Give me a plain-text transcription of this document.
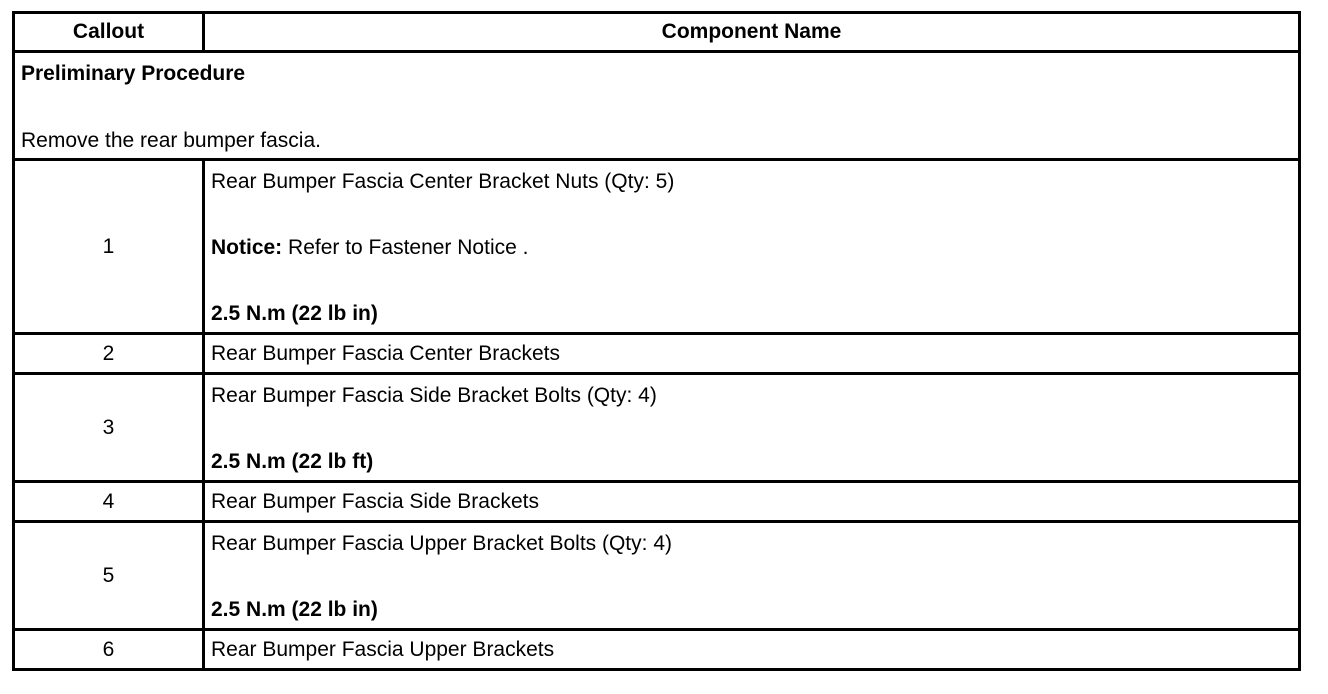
Callout	Component Name

Preliminary Procedure
Remove the rear bumper fascia.	

1	Rear Bumper Fascia Center Bracket Nuts (Qty: 5)
Notice: Refer to Fastener Notice .
2.5 N.m (22 lb in)

2	Rear Bumper Fascia Center Brackets

3	Rear Bumper Fascia Side Bracket Bolts (Qty: 4)
2.5 N.m (22 lb ft)

4	Rear Bumper Fascia Side Brackets

5	Rear Bumper Fascia Upper Bracket Bolts (Qty: 4)
2.5 N.m (22 lb in)

6	Rear Bumper Fascia Upper Brackets
